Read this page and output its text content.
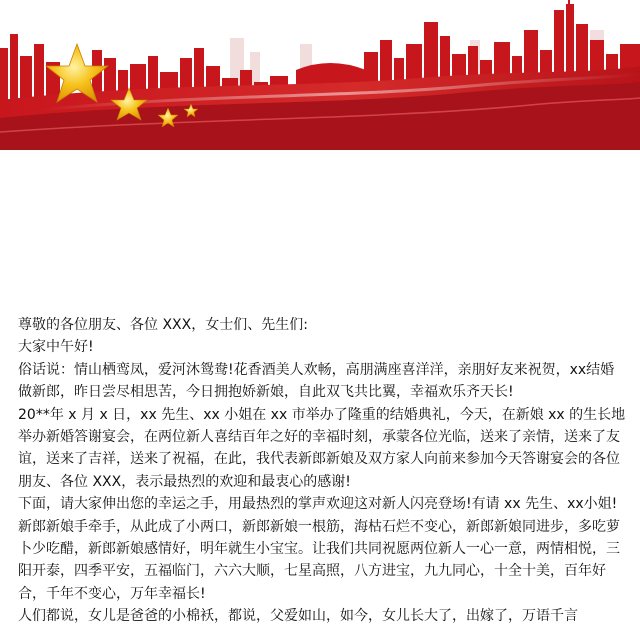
尊敬的各位朋友、各位 XXX，女士们、先生们:

大家中午好!

俗话说：情山栖鸾凤，爱河沐鸳鸯!花香酒美人欢畅，高朋满座喜洋洋，亲朋好友来祝贺，xx结婚做新郎，昨日尝尽相思苦，今日拥抱娇新娘，自此双飞共比翼，幸福欢乐齐天长!

20**年 x 月 x 日，xx 先生、xx 小姐在 xx 市举办了隆重的结婚典礼，今天，在新娘 xx 的生长地举办新婚答谢宴会，在两位新人喜结百年之好的幸福时刻，承蒙各位光临，送来了亲情，送来了友谊，送来了吉祥，送来了祝福，在此，我代表新郎新娘及双方家人向前来参加今天答谢宴会的各位朋友、各位 XXX，表示最热烈的欢迎和最衷心的感谢!

下面，请大家伸出您的幸运之手，用最热烈的掌声欢迎这对新人闪亮登场!有请 xx 先生、xx小姐!

新郎新娘手牵手，从此成了小两口，新郎新娘一根筋，海枯石烂不变心，新郎新娘同进步，多吃萝卜少吃醋，新郎新娘感情好，明年就生小宝宝。让我们共同祝愿两位新人一心一意，两情相悦，三阳开泰，四季平安，五福临门，六六大顺，七星高照，八方进宝，九九同心，十全十美，百年好合，千年不变心，万年幸福长!

人们都说，女儿是爸爸的小棉袄，都说，父爱如山，如今，女儿长大了，出嫁了，万语千言
